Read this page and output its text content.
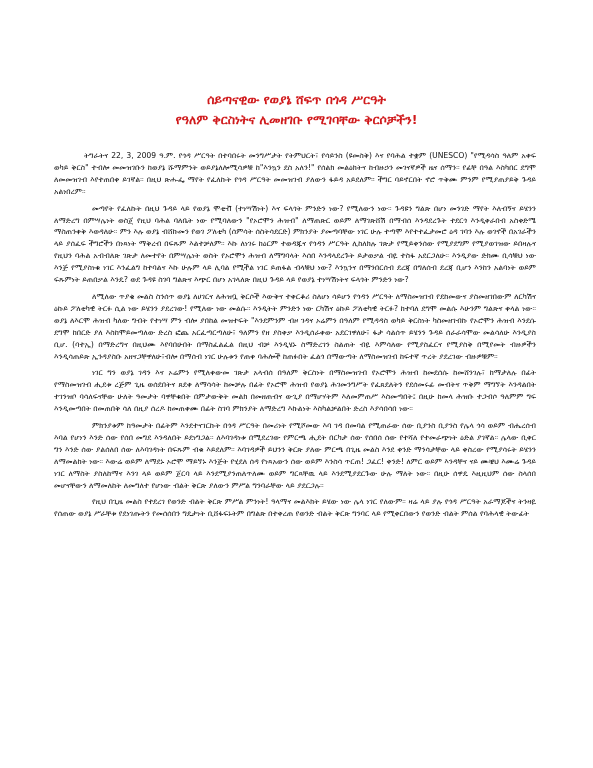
ሰይጣናዊው የወያኔ ሸፍጥ በጎዳ ሥርዓት
የዓለም ቅርስነትና ሊመዘገቡ የሚገባቸው ቅርሶቻችን!

ትግራትና 22, 3, 2009 ዓ.ም. የጎዳ ሥርዓት በተባበሩት መንግሥታት የትምህርት፣ የሳይንስ (ዩመስቅ) እና የባሕል ተቋም (UNESCO) "የሚዳሳስ ዓለም አቀፍ ወካይ ቅርስ" ተብሎ መመዝገቡን ከወያኔ ሹማምንት ወይያኔለሎሚሳዎቹ ከ"እንኳን ደስ አለን!" የሰልክ መልዕክትና ከብዙኃን መገናኛዎች ዜና ሰማን። የፊቸ በዓል እስካበር ደግሞ ለመመዝገብ እየተጠበቀ ይገኛል። በዚህ ጽሑፌ ማየት የፈለኩት የጎዳ ሥርዓት መመዝገብ ያለውን ፋይዳ አይደለም፡፡ ችግር ባይኖርበት ኖሮ ጥቅሙ ምንም የሚያጠያይቅ ጉዳይ አልነበረም።

መጣየት የፈለኩት በዚህ ጉዳይ ላይ የወያኔ ሞቲቭ (ተነሣሽነት) እና ፍላጎት ምንድን ነው? የሚለውን ነው። ጉዳዩን ግልጽ በሆነ መንገድ ማየት እለብኝና ይሄንን ለማድረግ በምሣሌነት ወስጄ የዚህ ባሕል ባለቤት ነው የሚባለውን "የኦሮሞን ሕዝብ" ለማጠጽር ወይም ለማገጽሸሽ በማብሰ እንዳደረጉት ተደርጎ እንዲቀራበብ አስቀድሜ ማስጠንቀቅ እወዳለሁ። ምን እሉ ወያኔ ብሸኩመን የወገ ፖለቲካ (ሰምሳት ሰስትሳደርድ) ምክንያት ያመጣባቸው ነገር ሁሉ ተጣሞ እየተተፈታመሮ ዕዳ ገባን እሉ ወገኖች በአገራችን ላይ ያሰፈፍ ችግሮችን በነጻነት ማቅረብ በፍጹም እልተቻለም። እኩ ለነገሩ ከዕርም ተወዳጁና የጎዳን ሥርዓት ሊከለክሉ ገጽታ የሚይቀንሰው የሚያደግም የሚያወገዝው ይበዛሉና የዚህን ባሕል አብብለጽ ገጽታ ለመተየት በምሣሌነት ወስት የኦሮሞን ሕዝብ ለማግባላት እሰበ እንዳላደረጉት ይታወቃል ብዬ ተስፋ አደርጋለሁ። እንዲያው ድክሙ ቢሳቹህ ነው እንጅ የሚያስነቁ ነገር እንፈልግ ከተባልና እኩ ሁሉም ላይ ሊባል የሚችል ነገር ይጠፋል ብላቹህ ነው? እንኳንና በማንበርሰብ ደረጃ በግለሰብ ደረጃ ቢሆን እንከን አልባነት ወይም ፍጹምነት ይጠበቃል እንዴ? ወደ ጉዳዩ ስገባ ግልጽና እጭር በሆነ አገላለጽ በዚህ ጉዳይ ላይ የወያኔ ተነሣሽነትና ፍላጎት ምንድን ነው?

ለሚለው ጥያቄ መልስ ስንሰጥ ወያኔ ለሀገርና ለሕዝቧ ቅርሶች እውቅና ተቀርቆሪ ስለሆነ ሳይሆን የጎዳን ሥርዓት ለማስመዝገብ የደከመውና ያስመዘገበውም ለርካሽና ዕኩይ ፖለቲካዊ ትርፉ ሲል ነው ይሄንን ያደረገው! የሚለው ነው መልሱ። እንዲትት ምንድን ነው ርካሽና ዕኩይ ፖለቲካዊ ትርፉ? ከተባለ ደግሞ መልሱ እሁንም ግልጽና ቀላል ነው። ወያኔ ለእርሞ ሕዝብ ካለው ግብት የተነሣ ምን ብሎ ያበከል መዝተፍት "እንደምንም ብዞ ገዳና ኦሬምን በዓለም የሚዳዳስ ወካይ ቅርስነት ካስመዘገብኩ የኦሮሞን ሕዝብ እንደሱ ደግሞ ከበርድ ያለ እስከሞይመጣለው ድረስ ፎጨ አርፈጣርጣለሁ፣ ዓለምን የዘ ያስቀቃ እንዲሰራቀው አደርገዋለሁ፣ ፋታ ሳልሰጥ ይሄንን ጉዳይ ሰራራሳሞው መልሳለሁ እንዲያስ ቢሆ. (ባተኢ) በማድረግና በዚህሙ እየባበሁበት በማስፈልፈል በዚህ ብቻ እንዲሄኑ ስማድረገን ስልጠት ብዬ እምሳለው የሚያስፈርና የሚያስቅ በሚየመት ብዙዎችን እንዲሳጠይጽ ኢንዳያስቡ አዘናጋቸዋለሁ፣ብሎ በማሰብ ነገር ሁሉቱን የጠቀ ባሕሎች ከጠፉበት ፈልጎ በማውጣት ለማስመዝገብ ከፍተኛ ጥረት ያደረገው ብዙዎቹም።

ነገር ግን ወያኔ ገዳን እና ኦሬምን የሚለቀውመ ገጽታ አላብሰ በዓለም ቅርስነት በማስመዝገብ የኦሮሞን ሕዝብ ከመደሰሱ ከመሸንገሉ፣ ከማታለሉ በፊት የማስመዝገብ ሒደቱ ረጅም ጊዜ ወሰደበትና ጸደቀ ለማሳሳት ከመቻሉ በፊት የኦሮሞ ሕዝብ የወያኔ ሕገመንግሥት የፈጸደለትን የደሰመሩፊ መብትና ጥቅም ማግኘት እንዳልበት ተገንዝቦ ባሳለፍናቸው ሁለት ዓመታት ባዋቸቁበት በምታውቅት መልክ በመዘጠብና ውጊያ በማሆሃትም እለመምጠሥ እስመጣበት፤ በዚሁ ከመላ ሕዝቡ ተጋብሶ ዓለምም ግፍ እንዲመጣበት በመጠበቅ ሳለ በዚያ ሰረዶ ከመጠቀሙ በፊት ስገባ ምክንያት ለማድረግ እኩልነት እስካልቻልበት ድረስ እያሳበሳበ ነው።

ምክንያቱም ከዓመታት በፊትም እንደተናገርኩት በጎዳ ሥርዓት በመሪነት የሚሾመው እባ ገዳ በመባል የሚጠራው ሰው ቢያንስ ቢያንስ የሌላ ጎሳ ወይም ብሔረሰብ እባል የሆነን እንድ ሰው የሰበ መግደ እንዳለበት ይደነግጋል። ለእባገዳነቱ በሚደረገው የምርጫ ሒደት በርካታ ሰው የሰበሰ ሰው የተሻለ የተመራጭነት ዕድል ያገኛል። ሌላው ቢቀር ግን እንድ ሰው ያልሰለበ ሰው ለእባገዳነት በፍጹም ብቁ እይደለም። እባገዳዎች ይህንን ቅርጽ ያለው ምርጫ በጊዜ መልስ እንደ ቀንድ ማንሳታቸው ላይ ቀስረው የሚያሳሩት ይሄንን ለማመልከት ነው። እውሬ ወይም ለማደኑ ኦሮሞ ማይኘኑ እንጅት የሂደለ ሰዳ የነጻአውን ሰው ወይም እንስሳ ጥርጠ! ጋፈር! ቀንድ! ለምር ወይም እንዳቸና ናይ ሙቼህ እሙሬ ጉዳይ ነገር ለማስት ያስለከማና እንገ ላይ ወይም ጀርባ ላይ እንደሚያንጠለጥለሙ ወይም ግርጻቸዉ ላይ እንደሚያደርጉው ሁሉ ማለት ነው። በዚሁ ሰዋዴ እዚዚህም ሰው ስላሰበ መሆናቸውን ለማመለከት ለመግለተ የሆነው ብልት ቅርጽ ያለውን ምሥል ግንባራቸው ላይ ያደርጋሉ።

የዚህ በጊዜ መልስ የተደረገ የወንድ ብልት ቅርጽ ምሥል ምንነት! ዓላማና መልእክት ይሄው ነው ሌላ ነገር የለውም። ዛሬ ላይ ያሉ የጎዳ ሥርዓት አራማጆችና ትንዛዬ የሰጠው ወያኔ ሥራቸቱ የደነገጡትን የመሰሰበን ግዴታነት ቢሸፋፍኑትም በግልጽ በተቀረጠ የወንድ ብልት ቅርጽ ግንባር ላይ የሚቀርበውን የወንድ ብልት ምሰል የባሕላዊ ትውፊት
